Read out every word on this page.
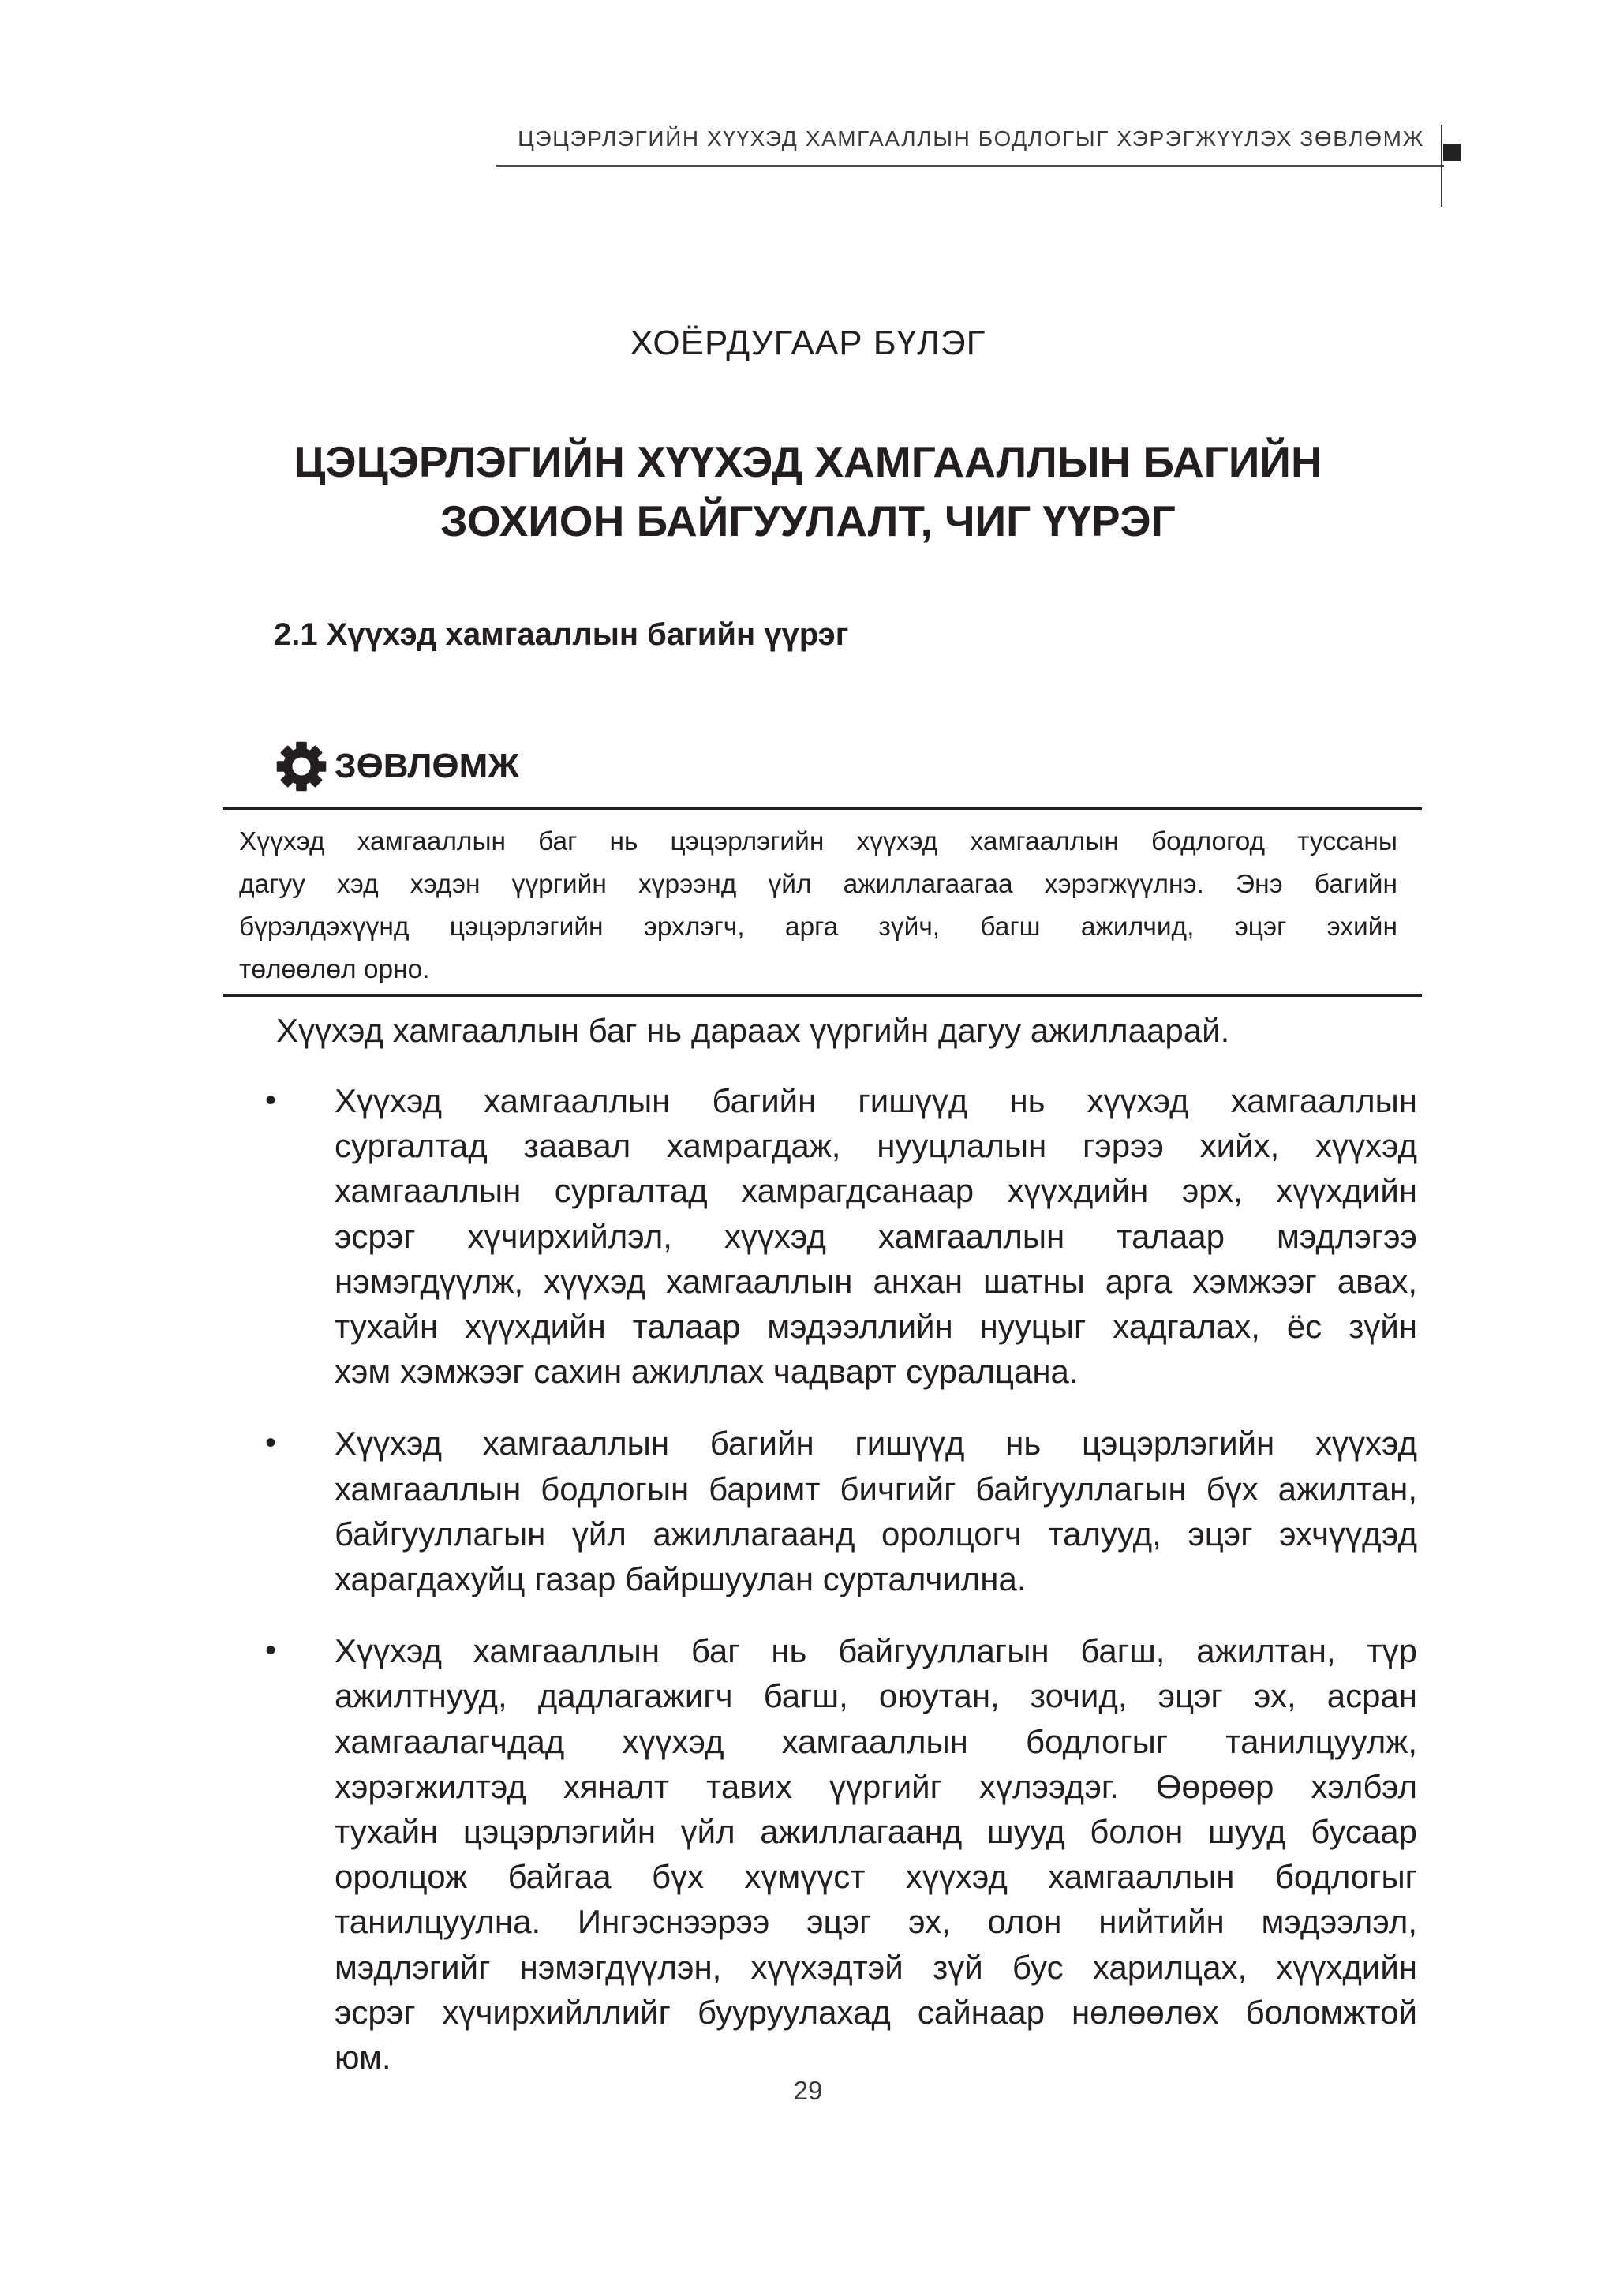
ЦЭЦЭРЛЭГИЙН ХҮҮХЭД ХАМГААЛЛЫН БОДЛОГЫГ ХЭРЭГЖҮҮЛЭХ ЗӨВЛӨМЖ
ХОЁРДУГААР БҮЛЭГ
ЦЭЦЭРЛЭГИЙН ХҮҮХЭД ХАМГААЛЛЫН БАГИЙН
ЗОХИОН БАЙГУУЛАЛТ, ЧИГ ҮҮРЭГ
2.1 Хүүхэд хамгааллын багийн үүрэг
ЗӨВЛӨМЖ
Хүүхэд хамгааллын баг нь цэцэрлэгийн хүүхэд хамгааллын бодлогод туссаны
дагуу хэд хэдэн үүргийн хүрээнд үйл ажиллагаагаа хэрэгжүүлнэ. Энэ багийн
бүрэлдэхүүнд цэцэрлэгийн эрхлэгч, арга зүйч, багш ажилчид, эцэг эхийн
төлөөлөл орно.
Хүүхэд хамгааллын баг нь дараах үүргийн дагуу ажиллаарай.
•	Хүүхэд хамгааллын багийн гишүүд нь хүүхэд хамгааллын
сургалтад заавал хамрагдаж, нууцлалын гэрээ хийх, хүүхэд
хамгааллын сургалтад хамрагдсанаар хүүхдийн эрх, хүүхдийн
эсрэг хүчирхийлэл, хүүхэд хамгааллын талаар мэдлэгээ
нэмэгдүүлж, хүүхэд хамгааллын анхан шатны арга хэмжээг авах,
тухайн хүүхдийн талаар мэдээллийн нууцыг хадгалах, ёс зүйн
хэм хэмжээг сахин ажиллах чадварт суралцана.
•	Хүүхэд хамгааллын багийн гишүүд нь цэцэрлэгийн хүүхэд
хамгааллын бодлогын баримт бичгийг байгууллагын бүх ажилтан,
байгууллагын үйл ажиллагаанд оролцогч талууд, эцэг эхчүүдэд
харагдахуйц газар байршуулан сурталчилна.
•	Хүүхэд хамгааллын баг нь байгууллагын багш, ажилтан, түр
ажилтнууд, дадлагажигч багш, оюутан, зочид, эцэг эх, асран
хамгаалагчдад хүүхэд хамгааллын бодлогыг танилцуулж,
хэрэгжилтэд хяналт тавих үүргийг хүлээдэг. Өөрөөр хэлбэл
тухайн цэцэрлэгийн үйл ажиллагаанд шууд болон шууд бусаар
оролцож байгаа бүх хүмүүст хүүхэд хамгааллын бодлогыг
танилцуулна. Ингэснээрээ эцэг эх, олон нийтийн мэдээлэл,
мэдлэгийг нэмэгдүүлэн, хүүхэдтэй зүй бус харилцах, хүүхдийн
эсрэг хүчирхийллийг бууруулахад сайнаар нөлөөлөх боломжтой
юм.
29
